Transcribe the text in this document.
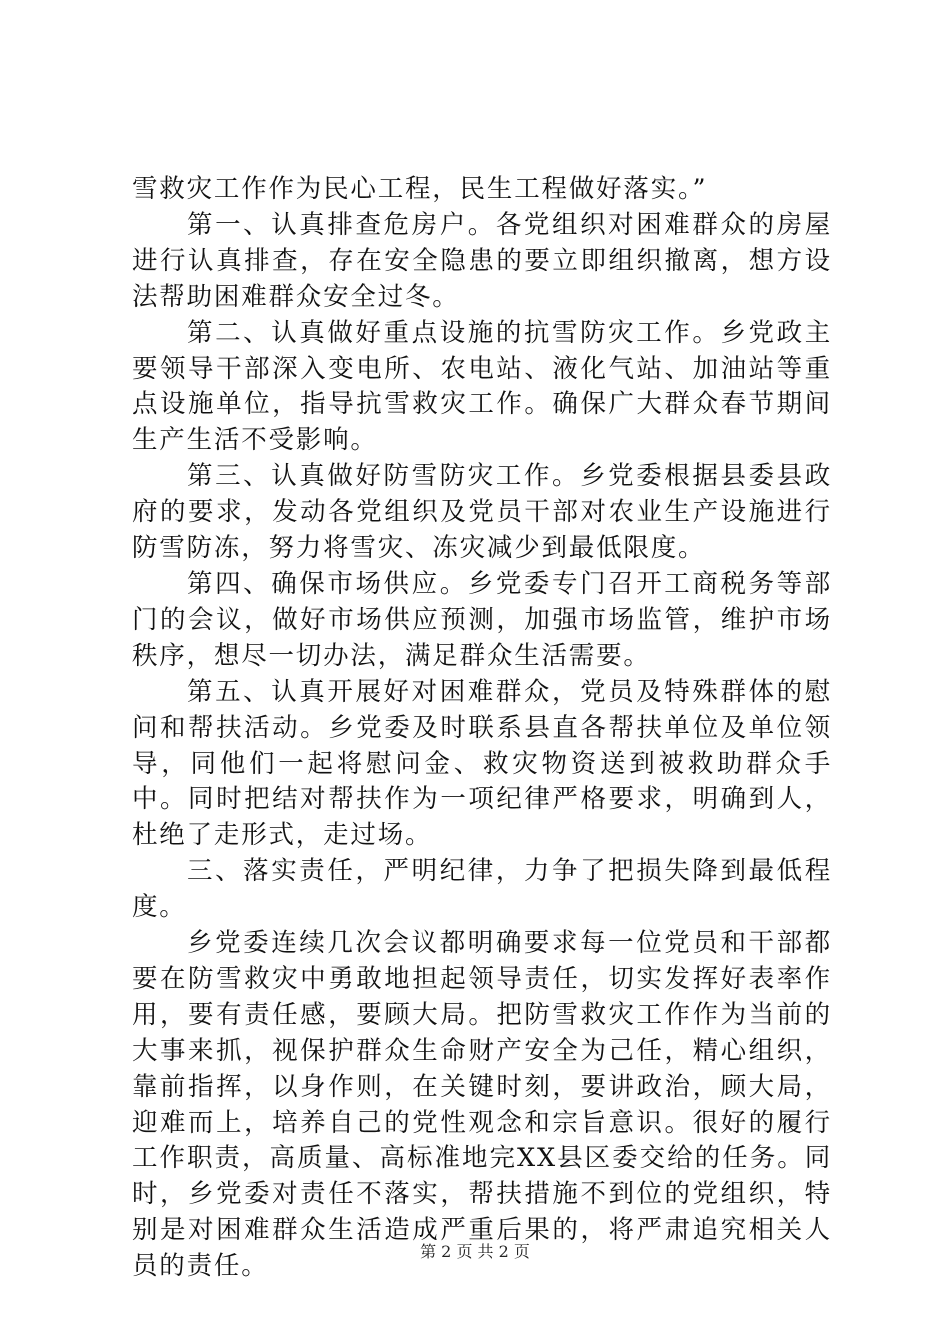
雪救灾工作作为民心工程，民生工程做好落实。”

第一、认真排查危房户。各党组织对困难群众的房屋进行认真排查，存在安全隐患的要立即组织撤离，想方设法帮助困难群众安全过冬。

第二、认真做好重点设施的抗雪防灾工作。乡党政主要领导干部深入变电所、农电站、液化气站、加油站等重点设施单位，指导抗雪救灾工作。确保广大群众春节期间生产生活不受影响。

第三、认真做好防雪防灾工作。乡党委根据县委县政府的要求，发动各党组织及党员干部对农业生产设施进行防雪防冻，努力将雪灾、冻灾减少到最低限度。

第四、确保市场供应。乡党委专门召开工商税务等部门的会议，做好市场供应预测，加强市场监管，维护市场秩序，想尽一切办法，满足群众生活需要。

第五、认真开展好对困难群众，党员及特殊群体的慰问和帮扶活动。乡党委及时联系县直各帮扶单位及单位领导，同他们一起将慰问金、救灾物资送到被救助群众手中。同时把结对帮扶作为一项纪律严格要求，明确到人，杜绝了走形式，走过场。

三、落实责任，严明纪律，力争了把损失降到最低程度。

乡党委连续几次会议都明确要求每一位党员和干部都要在防雪救灾中勇敢地担起领导责任，切实发挥好表率作用，要有责任感，要顾大局。把防雪救灾工作作为当前的大事来抓，视保护群众生命财产安全为己任，精心组织，靠前指挥，以身作则，在关键时刻，要讲政治，顾大局，迎难而上，培养自己的党性观念和宗旨意识。很好的履行工作职责，高质量、高标准地完XX县区委交给的任务。同时，乡党委对责任不落实，帮扶措施不到位的党组织，特别是对困难群众生活造成严重后果的，将严肃追究相关人员的责任。	第 2 页 共 2 页
